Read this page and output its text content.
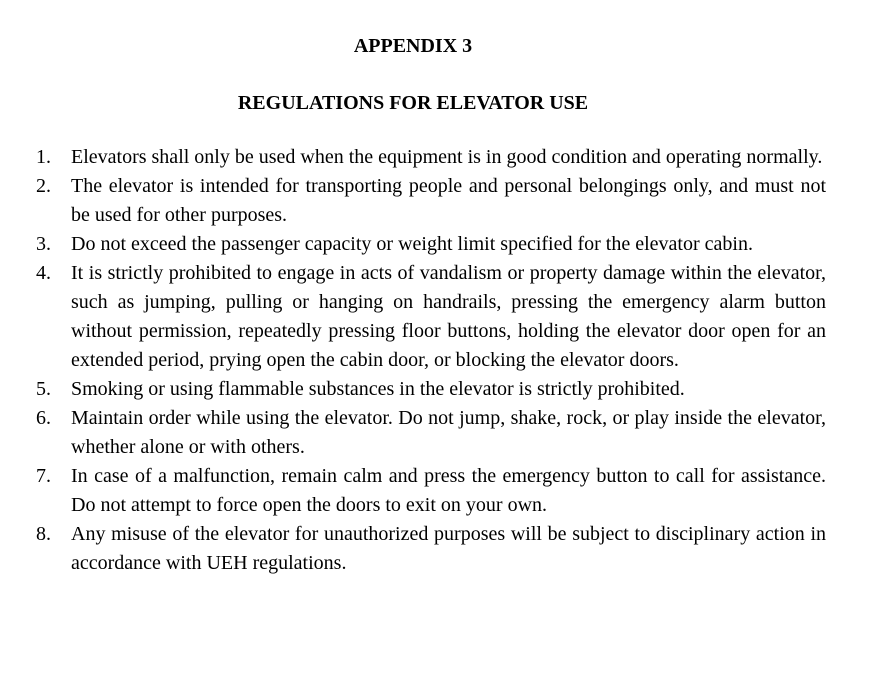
APPENDIX 3
REGULATIONS FOR ELEVATOR USE
1. Elevators shall only be used when the equipment is in good condition and operating normally.
2. The elevator is intended for transporting people and personal belongings only, and must not be used for other purposes.
3. Do not exceed the passenger capacity or weight limit specified for the elevator cabin.
4. It is strictly prohibited to engage in acts of vandalism or property damage within the elevator, such as jumping, pulling or hanging on handrails, pressing the emergency alarm button without permission, repeatedly pressing floor buttons, holding the elevator door open for an extended period, prying open the cabin door, or blocking the elevator doors.
5. Smoking or using flammable substances in the elevator is strictly prohibited.
6. Maintain order while using the elevator. Do not jump, shake, rock, or play inside the elevator, whether alone or with others.
7. In case of a malfunction, remain calm and press the emergency button to call for assistance. Do not attempt to force open the doors to exit on your own.
8. Any misuse of the elevator for unauthorized purposes will be subject to disciplinary action in accordance with UEH regulations.
